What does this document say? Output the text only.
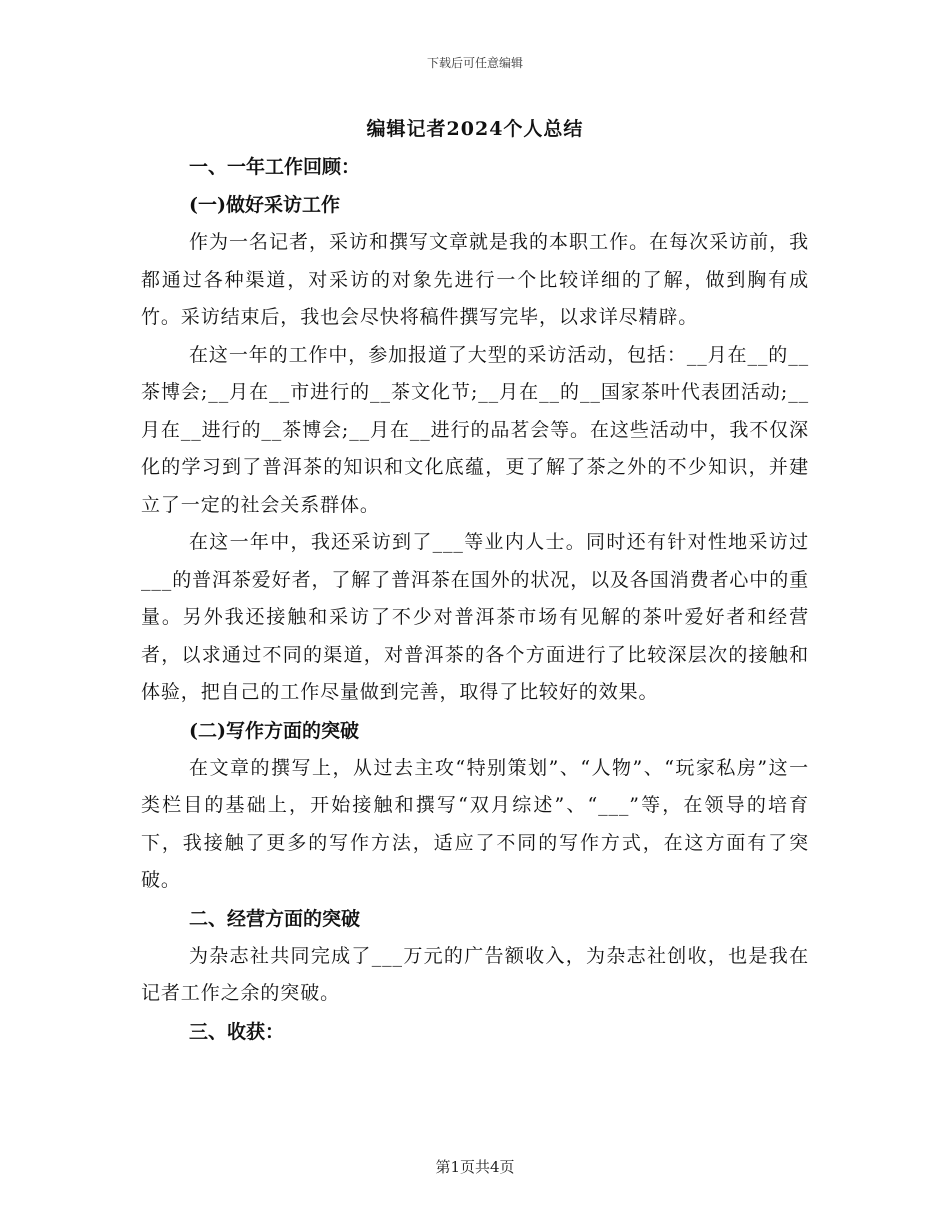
下载后可任意编辑
编辑记者2024个人总结
一、一年工作回顾：
(一)做好采访工作

作为一名记者，采访和撰写文章就是我的本职工作。在每次采访前，我都通过各种渠道，对采访的对象先进行一个比较详细的了解，做到胸有成竹。采访结束后，我也会尽快将稿件撰写完毕，以求详尽精辟。

在这一年的工作中，参加报道了大型的采访活动，包括：__月在__的__茶博会;__月在__市进行的__茶文化节;__月在__的__国家茶叶代表团活动;__月在__进行的__茶博会;__月在__进行的品茗会等。在这些活动中，我不仅深化的学习到了普洱茶的知识和文化底蕴，更了解了茶之外的不少知识，并建立了一定的社会关系群体。

在这一年中，我还采访到了___等业内人士。同时还有针对性地采访过___的普洱茶爱好者，了解了普洱茶在国外的状况，以及各国消费者心中的重量。另外我还接触和采访了不少对普洱茶市场有见解的茶叶爱好者和经营者，以求通过不同的渠道，对普洱茶的各个方面进行了比较深层次的接触和体验，把自己的工作尽量做到完善，取得了比较好的效果。

(二)写作方面的突破

在文章的撰写上，从过去主攻“特别策划”、“人物”、“玩家私房”这一类栏目的基础上，开始接触和撰写“双月综述”、“___”等，在领导的培育下，我接触了更多的写作方法，适应了不同的写作方式，在这方面有了突破。

二、经营方面的突破

为杂志社共同完成了___万元的广告额收入，为杂志社创收，也是我在记者工作之余的突破。

三、收获：
第1页共4页
